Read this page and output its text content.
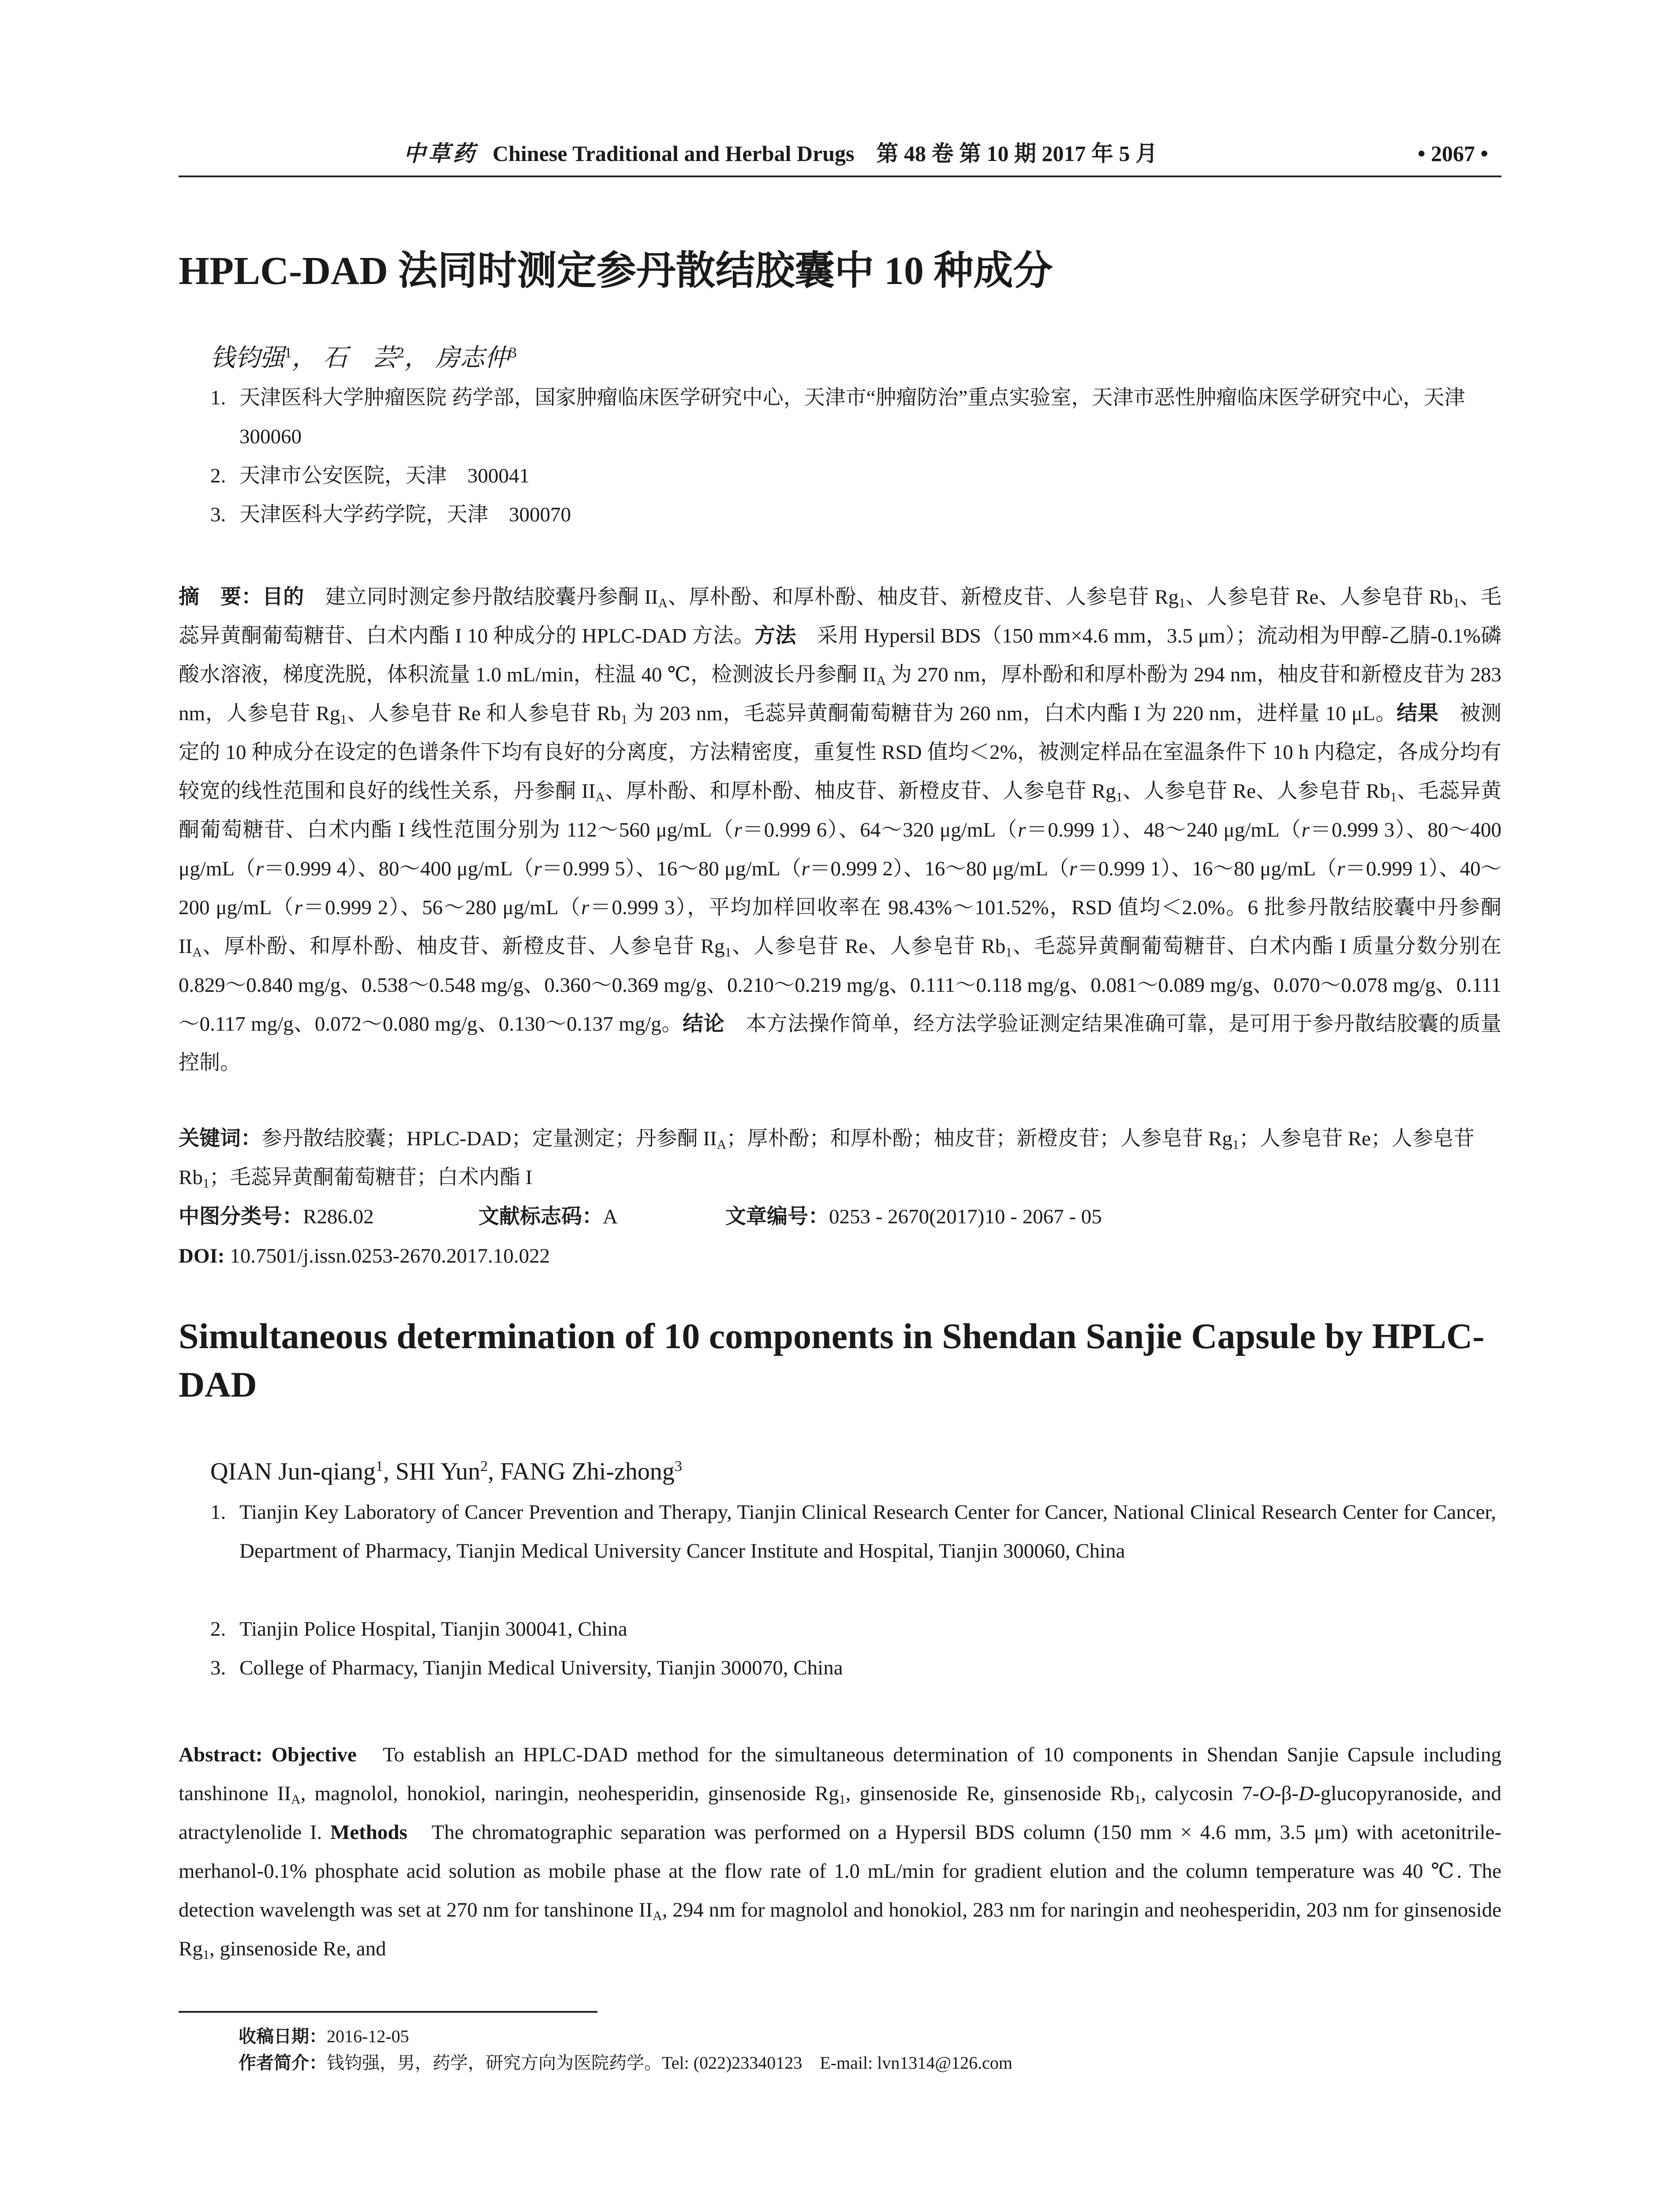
中草药 Chinese Traditional and Herbal Drugs 第 48 卷 第 10 期 2017 年 5 月	• 2067 •
HPLC-DAD 法同时测定参丹散结胶囊中 10 种成分
钱钧强$^1$， 石　芸$^2$， 房志仲$^3$
1. 天津医科大学肿瘤医院 药学部，国家肿瘤临床医学研究中心，天津市“肿瘤防治”重点实验室，天津市恶性肿瘤临床医学研究中心，天津　300060
2. 天津市公安医院，天津　300041
3. 天津医科大学药学院，天津　300070
摘　要：目的　 建立同时测定参丹散结胶囊丹参酮 $II_A$、厚朴酚、和厚朴酚、柚皮苷、新橙皮苷、人参皂苷 $Rg_1$、人参皂苷 Re、人参皂苷 $Rb_1$、毛蕊异黄酮葡萄糖苷、白术内酯 I 10 种成分的 HPLC-DAD 方法。方法　 采用 Hypersil BDS（150 mm×4.6 mm，3.5 μm）；流动相为甲醇-乙腈-0.1%磷酸水溶液，梯度洗脱，体积流量 1.0 mL/min，柱温 40 ℃，检测波长丹参酮 $II_A$ 为 270 nm，厚朴酚和和厚朴酚为 294 nm，柚皮苷和新橙皮苷为 283 nm，人参皂苷 $Rg_1$、人参皂苷 Re 和人参皂苷 $Rb_1$ 为 203 nm，毛蕊异黄酮葡萄糖苷为 260 nm，白术内酯 I 为 220 nm，进样量 10 μL。结果　 被测定的 10 种成分在设定的色谱条件下均有良好的分离度，方法精密度，重复性 RSD 值均＜2%，被测定样品在室温条件下 10 h 内稳定，各成分均有较宽的线性范围和良好的线性关系，丹参酮 $II_A$、厚朴酚、和厚朴酚、柚皮苷、新橙皮苷、人参皂苷 $Rg_1$、人参皂苷 Re、人参皂苷 $Rb_1$、毛蕊异黄酮葡萄糖苷、白术内酯 I 线性范围分别为 112～560 μg/mL（r＝0.999 6）、64～320 μg/mL（r＝0.999 1）、48～240 μg/mL（r＝0.999 3）、80～400 μg/mL（r＝0.999 4）、80～400 μg/mL（r＝0.999 5）、16～80 μg/mL（r＝0.999 2）、16～80 μg/mL（r＝0.999 1）、16～80 μg/mL（r＝0.999 1）、40～200 μg/mL（r＝0.999 2）、56～280 μg/mL（r＝0.999 3），平均加样回收率在 98.43%～101.52%，RSD 值均＜2.0%。6 批参丹散结胶囊中丹参酮 $II_A$、厚朴酚、和厚朴酚、柚皮苷、新橙皮苷、人参皂苷 $Rg_1$、人参皂苷 Re、人参皂苷 $Rb_1$、毛蕊异黄酮葡萄糖苷、白术内酯 I 质量分数分别在 0.829～0.840 mg/g、0.538～0.548 mg/g、0.360～0.369 mg/g、0.210～0.219 mg/g、0.111～0.118 mg/g、0.081～0.089 mg/g、0.070～0.078 mg/g、0.111～0.117 mg/g、0.072～0.080 mg/g、0.130～0.137 mg/g。结论　 本方法操作简单，经方法学验证测定结果准确可靠，是可用于参丹散结胶囊的质量控制。
关键词：参丹散结胶囊；HPLC-DAD；定量测定；丹参酮 $II_A$；厚朴酚；和厚朴酚；柚皮苷；新橙皮苷；人参皂苷 $Rg_1$；人参皂苷 Re；人参皂苷 $Rb_1$；毛蕊异黄酮葡萄糖苷；白术内酯 I
中图分类号：R286.02	文献标志码：A	文章编号：0253 - 2670(2017)10 - 2067 - 05
DOI: 10.7501/j.issn.0253-2670.2017.10.022
Simultaneous determination of 10 components in Shendan Sanjie Capsule by HPLC-DAD
QIAN Jun-qiang$^1$, SHI Yun$^2$, FANG Zhi-zhong$^3$
1. Tianjin Key Laboratory of Cancer Prevention and Therapy, Tianjin Clinical Research Center for Cancer, National Clinical Research Center for Cancer, Department of Pharmacy, Tianjin Medical University Cancer Institute and Hospital, Tianjin 300060, China
2. Tianjin Police Hospital, Tianjin 300041, China
3. College of Pharmacy, Tianjin Medical University, Tianjin 300070, China
Abstract: Objective To establish an HPLC-DAD method for the simultaneous determination of 10 components in Shendan Sanjie Capsule including tanshinone $II_A$, magnolol, honokiol, naringin, neohesperidin, ginsenoside $Rg_1$, ginsenoside Re, ginsenoside $Rb_1$, calycosin 7-O-β-D-glucopyranoside, and atractylenolide I. Methods The chromatographic separation was performed on a Hypersil BDS column (150 mm × 4.6 mm, 3.5 μm) with acetonitrile-merhanol-0.1% phosphate acid solution as mobile phase at the flow rate of 1.0 mL/min for gradient elution and the column temperature was 40 ℃. The detection wavelength was set at 270 nm for tanshinone $II_A$, 294 nm for magnolol and honokiol, 283 nm for naringin and neohesperidin, 203 nm for ginsenoside $Rg_1$, ginsenoside Re, and
收稿日期：2016-12-05
作者简介：钱钧强，男，药学，研究方向为医院药学。Tel: (022)23340123　E-mail: lvn1314@126.com
